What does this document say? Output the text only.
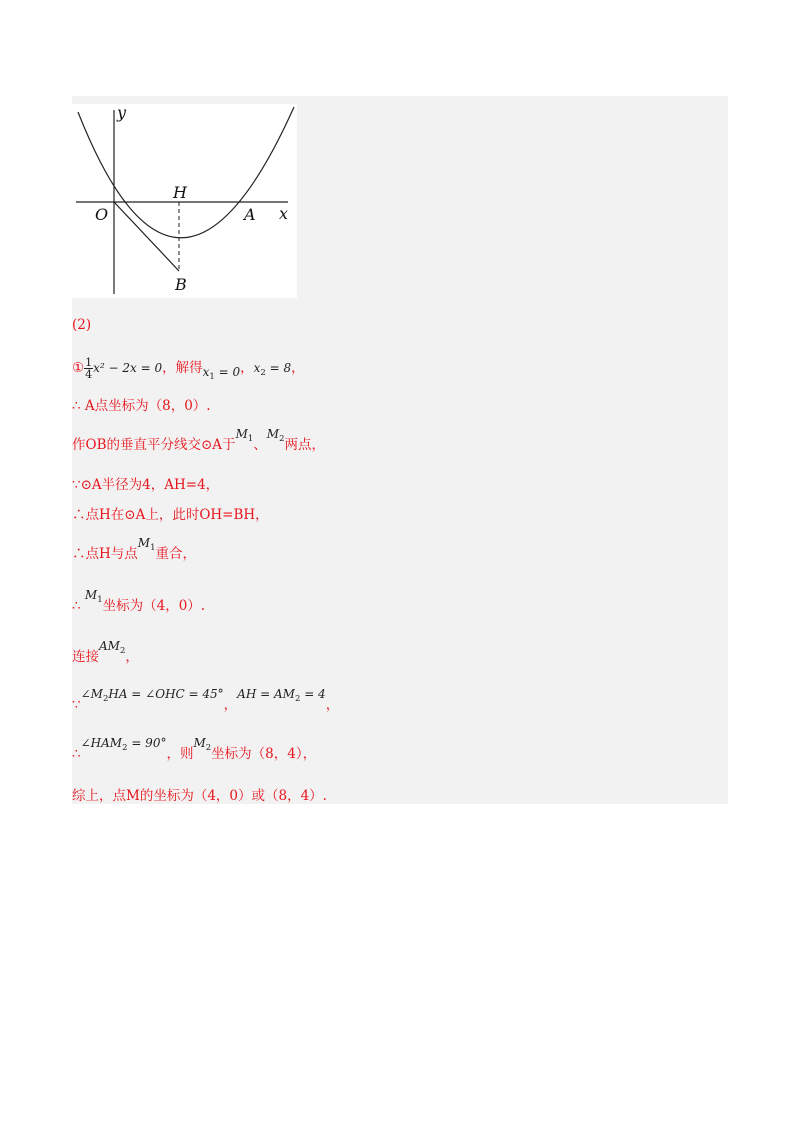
y
x
O
H
A
B
(2)
① $\frac{1}{4} x^2 - 2x = 0$，解得$x_1 = 0$，$x_2 = 8$，
∴ A点坐标为（8，0）.
作OB的垂直平分线交⊙A于$M_1$、$M_2$两点，
∵⊙A半径为4，AH=4，
∴点H在⊙A上，此时OH=BH，
∴点H与点$M_1$重合，
∴ $M_1$坐标为（4，0）.
连接$AM_2$，
$\because\angle M_2HA$ = ∠OHC = 45°，AH = $AM_2 = 4$，
$\therefore\angle HAM_2 = 90^\circ$，则$M_2$坐标为（8，4），
综上，点M的坐标为（4，0）或（8，4）.
